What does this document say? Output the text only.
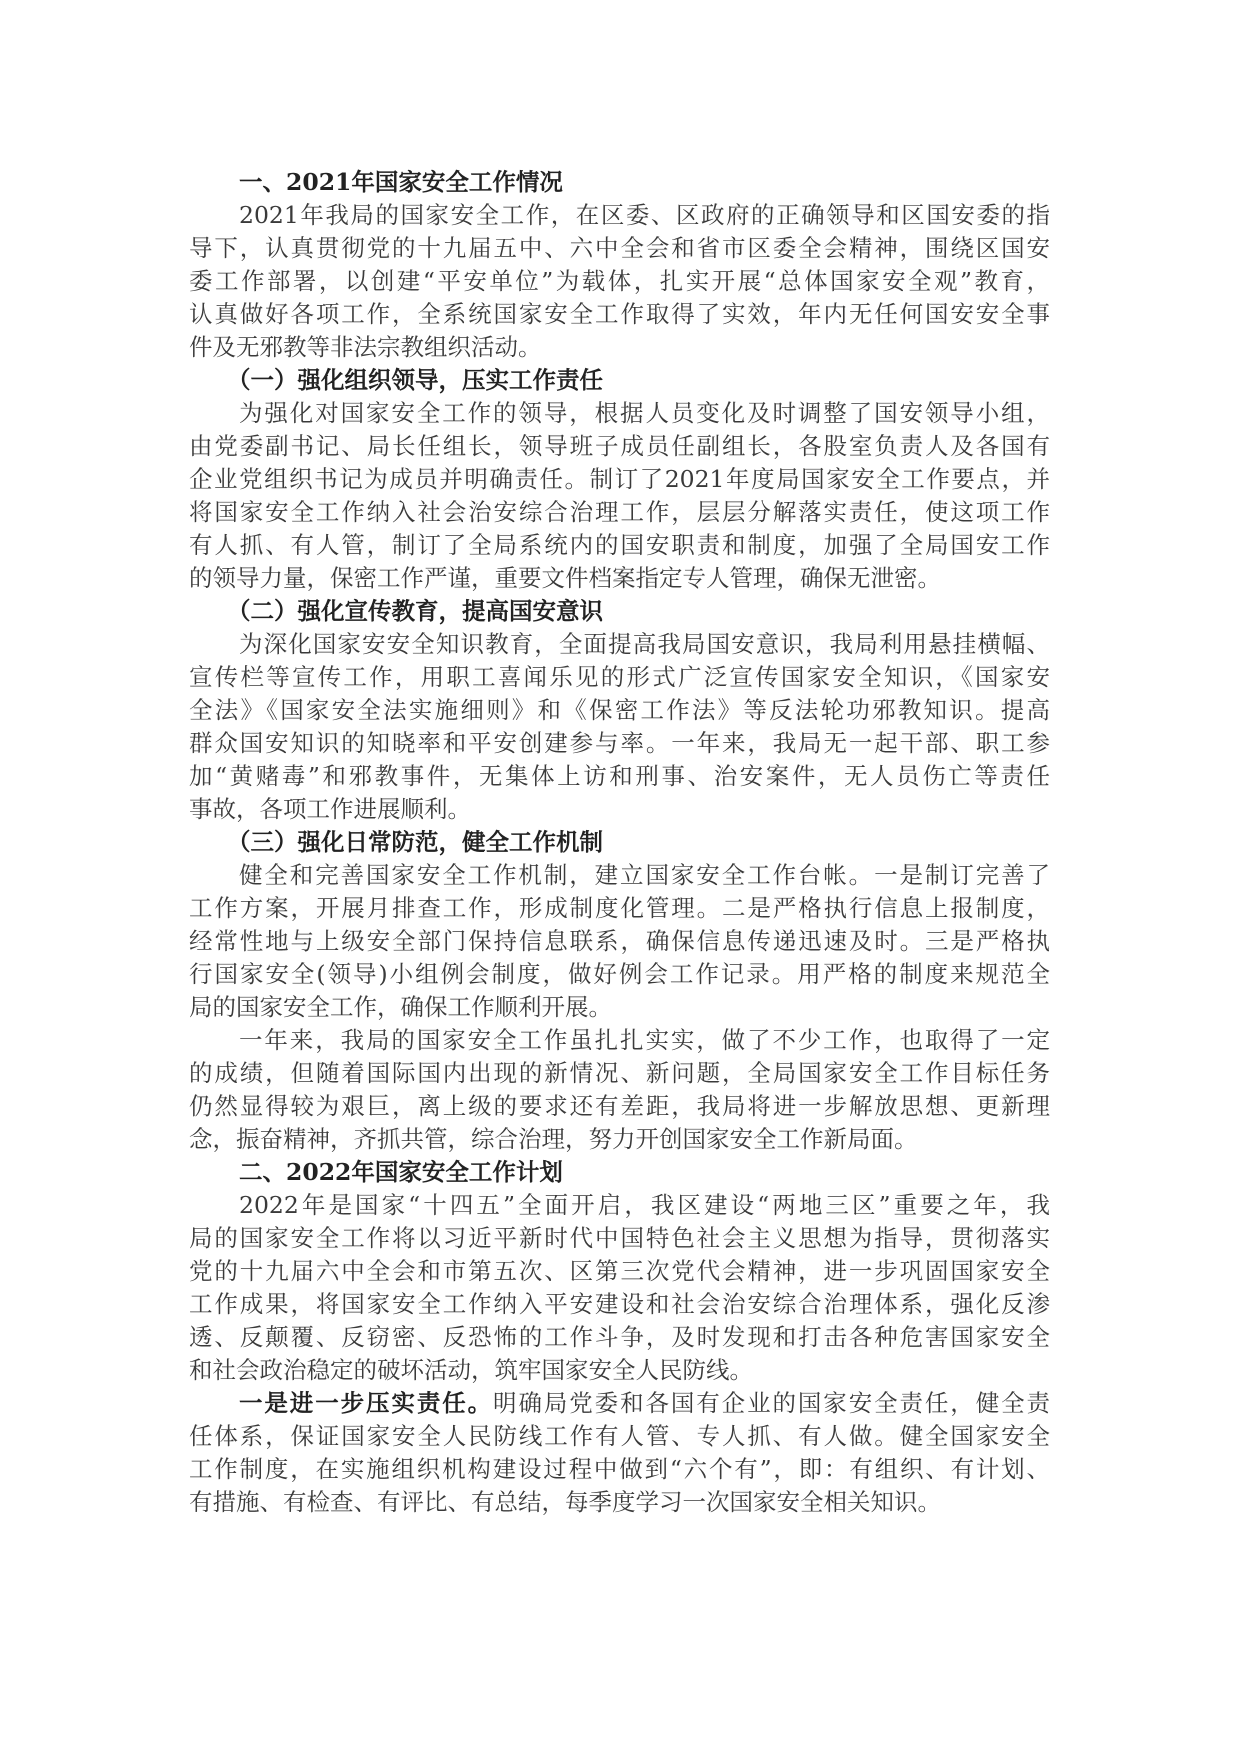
一、2021年国家安全工作情况
2021年我局的国家安全工作，在区委、区政府的正确领导和区国安委的指
导下，认真贯彻党的十九届五中、六中全会和省市区委全会精神，围绕区国安
委工作部署，以创建“平安单位”为载体，扎实开展“总体国家安全观”教育，
认真做好各项工作，全系统国家安全工作取得了实效，年内无任何国安安全事
件及无邪教等非法宗教组织活动。
（一）强化组织领导，压实工作责任
为强化对国家安全工作的领导，根据人员变化及时调整了国安领导小组，
由党委副书记、局长任组长，领导班子成员任副组长，各股室负责人及各国有
企业党组织书记为成员并明确责任。制订了2021年度局国家安全工作要点，并
将国家安全工作纳入社会治安综合治理工作，层层分解落实责任，使这项工作
有人抓、有人管，制订了全局系统内的国安职责和制度，加强了全局国安工作
的领导力量，保密工作严谨，重要文件档案指定专人管理，确保无泄密。
（二）强化宣传教育，提高国安意识
为深化国家安安全知识教育，全面提高我局国安意识，我局利用悬挂横幅、
宣传栏等宣传工作，用职工喜闻乐见的形式广泛宣传国家安全知识，《国家安
全法》《国家安全法实施细则》和《保密工作法》等反法轮功邪教知识。提高
群众国安知识的知晓率和平安创建参与率。一年来，我局无一起干部、职工参
加“黄赌毒”和邪教事件，无集体上访和刑事、治安案件，无人员伤亡等责任
事故，各项工作进展顺利。
（三）强化日常防范，健全工作机制
健全和完善国家安全工作机制，建立国家安全工作台帐。一是制订完善了
工作方案，开展月排查工作，形成制度化管理。二是严格执行信息上报制度，
经常性地与上级安全部门保持信息联系，确保信息传递迅速及时。三是严格执
行国家安全(领导)小组例会制度，做好例会工作记录。用严格的制度来规范全
局的国家安全工作，确保工作顺利开展。
一年来，我局的国家安全工作虽扎扎实实，做了不少工作，也取得了一定
的成绩，但随着国际国内出现的新情况、新问题，全局国家安全工作目标任务
仍然显得较为艰巨，离上级的要求还有差距，我局将进一步解放思想、更新理
念，振奋精神，齐抓共管，综合治理，努力开创国家安全工作新局面。
二、2022年国家安全工作计划
2022年是国家“十四五”全面开启，我区建设“两地三区”重要之年，我
局的国家安全工作将以习近平新时代中国特色社会主义思想为指导，贯彻落实
党的十九届六中全会和市第五次、区第三次党代会精神，进一步巩固国家安全
工作成果，将国家安全工作纳入平安建设和社会治安综合治理体系，强化反渗
透、反颠覆、反窃密、反恐怖的工作斗争，及时发现和打击各种危害国家安全
和社会政治稳定的破坏活动，筑牢国家安全人民防线。
一是进一步压实责任。明确局党委和各国有企业的国家安全责任，健全责
任体系，保证国家安全人民防线工作有人管、专人抓、有人做。健全国家安全
工作制度，在实施组织机构建设过程中做到“六个有”，即：有组织、有计划、
有措施、有检查、有评比、有总结，每季度学习一次国家安全相关知识。
